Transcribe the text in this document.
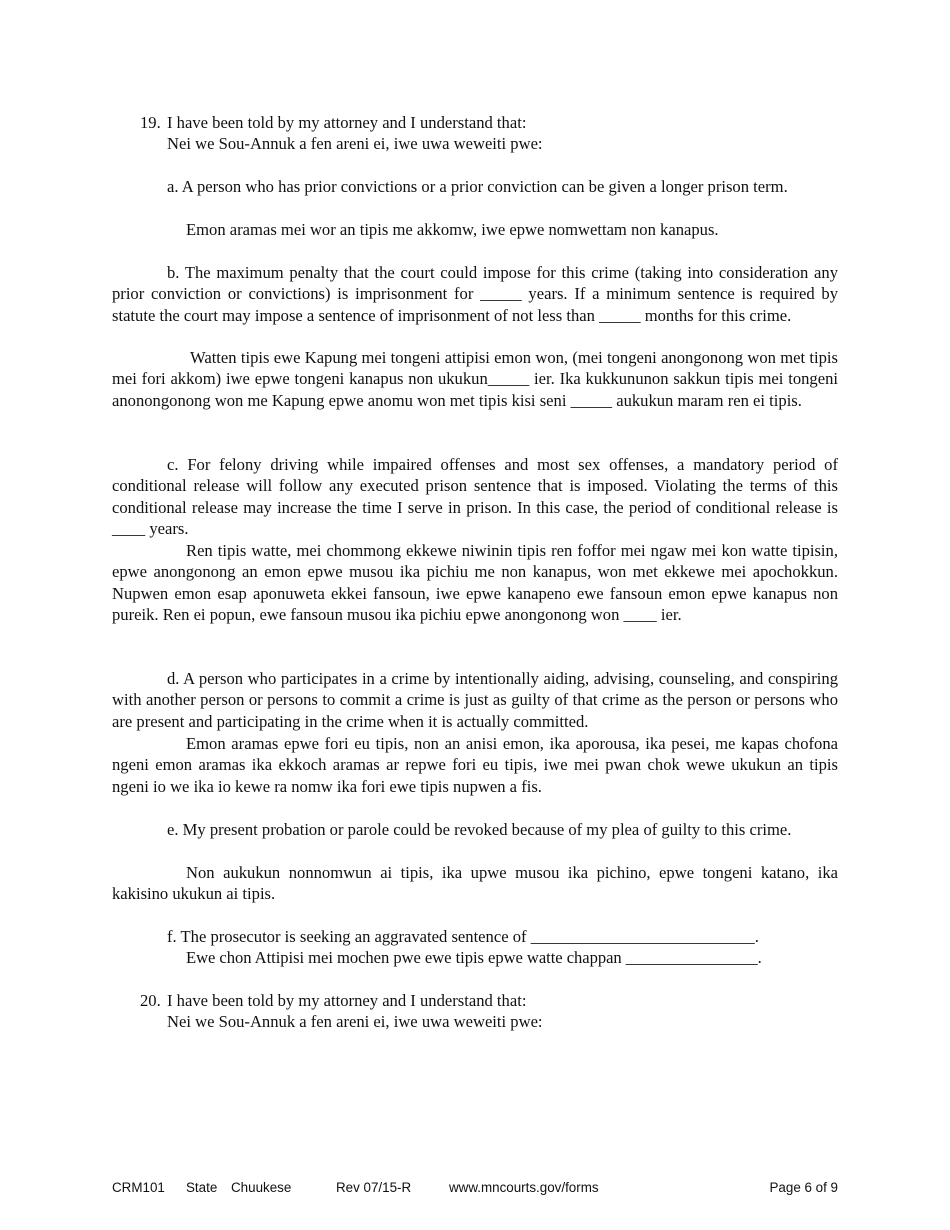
19. I have been told by my attorney and I understand that:
Nei we Sou-Annuk a fen areni ei, iwe uwa weweiti pwe:

a. A person who has prior convictions or a prior conviction can be given a longer prison term.

Emon aramas mei wor an tipis me akkomw, iwe epwe nomwettam non kanapus.

b. The maximum penalty that the court could impose for this crime (taking into consideration any prior conviction or convictions) is imprisonment for _____ years. If a minimum sentence is required by statute the court may impose a sentence of imprisonment of not less than _____ months for this crime.

Watten tipis ewe Kapung mei tongeni attipisi emon won, (mei tongeni anongonong won met tipis mei fori akkom) iwe epwe tongeni kanapus non ukukun_____ ier. Ika kukkununon sakkun tipis mei tongeni anonongonong won me Kapung epwe anomu won met tipis kisi seni _____ aukukun maram ren ei tipis.

c. For felony driving while impaired offenses and most sex offenses, a mandatory period of conditional release will follow any executed prison sentence that is imposed. Violating the terms of this conditional release may increase the time I serve in prison. In this case, the period of conditional release is ____ years.

Ren tipis watte, mei chommong ekkewe niwinin tipis ren foffor mei ngaw mei kon watte tipisin, epwe anongonong an emon epwe musou ika pichiu me non kanapus, won met ekkewe mei apochokkun. Nupwen emon esap aponuweta ekkei fansoun, iwe epwe kanapeno ewe fansoun emon epwe kanapus non pureik. Ren ei popun, ewe fansoun musou ika pichiu epwe anongonong won ____ ier.

d. A person who participates in a crime by intentionally aiding, advising, counseling, and conspiring with another person or persons to commit a crime is just as guilty of that crime as the person or persons who are present and participating in the crime when it is actually committed.

Emon aramas epwe fori eu tipis, non an anisi emon, ika aporousa, ika pesei, me kapas chofona ngeni emon aramas ika ekkoch aramas ar repwe fori eu tipis, iwe mei pwan chok wewe ukukun an tipis ngeni io we ika io kewe ra nomw ika fori ewe tipis nupwen a fis.

e. My present probation or parole could be revoked because of my plea of guilty to this crime.

Non aukukun nonnomwun ai tipis, ika upwe musou ika pichino, epwe tongeni katano, ika kakisino ukukun ai tipis.

f. The prosecutor is seeking an aggravated sentence of ___________________________.
Ewe chon Attipisi mei mochen pwe ewe tipis epwe watte chappan ________________.
20. I have been told by my attorney and I understand that:
Nei we Sou-Annuk a fen areni ei, iwe uwa weweiti pwe:
CRM101 State Chuukese	Rev 07/15-R	www.mncourts.gov/forms	Page 6 of 9
